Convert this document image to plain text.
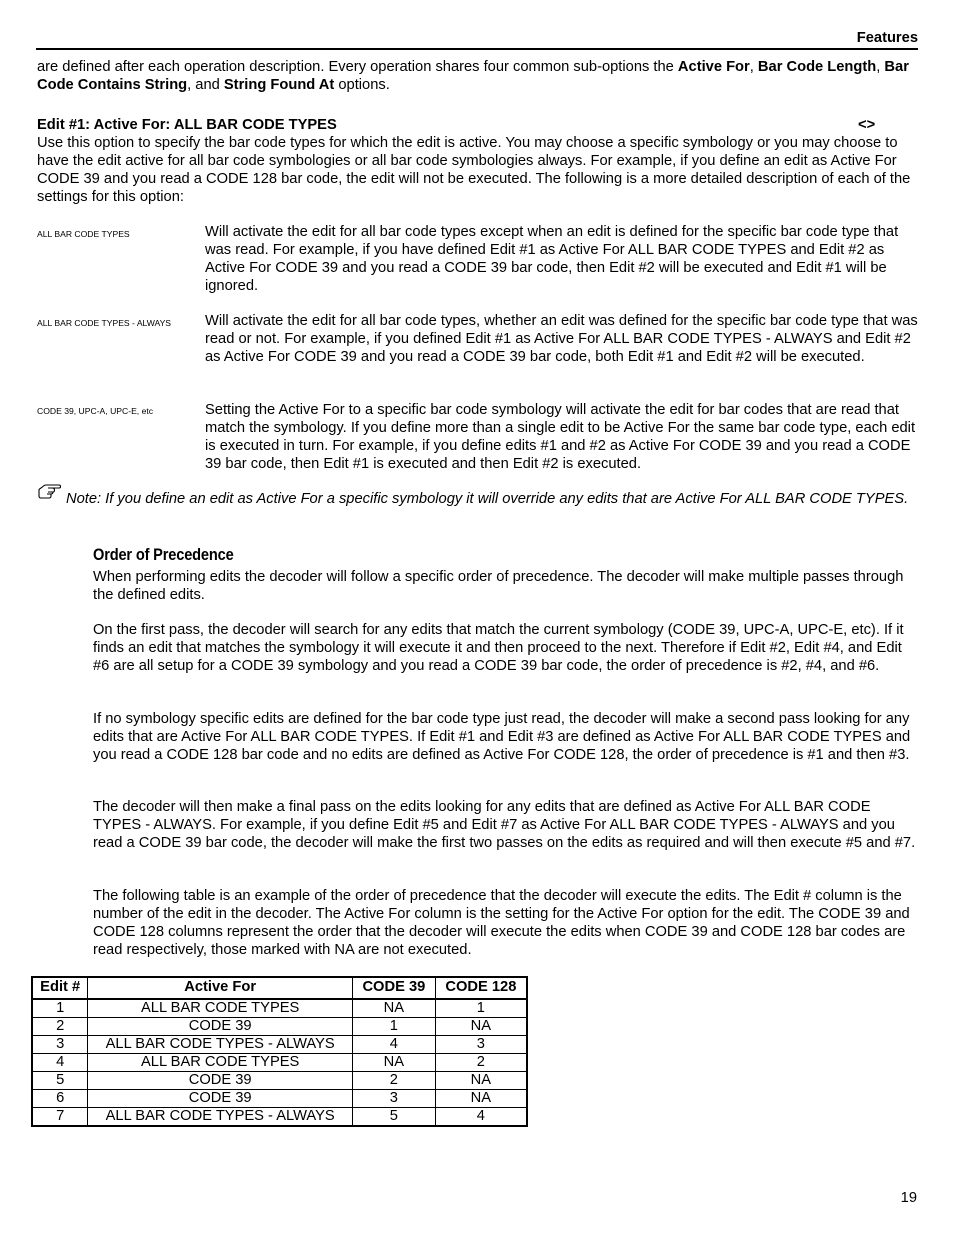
Features

are defined after each operation description. Every operation shares four common sub-options the Active For, Bar Code Length, Bar Code Contains String, and String Found At options.

Edit #1: Active For: ALL BAR CODE TYPES	<>

Use this option to specify the bar code types for which the edit is active. You may choose a specific symbology or you may choose to have the edit active for all bar code symbologies or all bar code symbologies always. For example, if you define an edit as Active For CODE 39 and you read a CODE 128 bar code, the edit will not be executed. The following is a more detailed description of each of the settings for this option:

ALL BAR CODE TYPES	Will activate the edit for all bar code types except when an edit is defined for the specific bar code type that was read. For example, if you have defined Edit #1 as Active For ALL BAR CODE TYPES and Edit #2 as Active For CODE 39 and you read a CODE 39 bar code, then Edit #2 will be executed and Edit #1 will be ignored.
ALL BAR CODE TYPES - ALWAYS	Will activate the edit for all bar code types, whether an edit was defined for the specific bar code type that was read or not. For example, if you defined Edit #1 as Active For ALL BAR CODE TYPES - ALWAYS and Edit #2 as Active For CODE 39 and you read a CODE 39 bar code, both Edit #1 and Edit #2 will be executed.
CODE 39, UPC-A, UPC-E, etc	Setting the Active For to a specific bar code symbology will activate the edit for bar codes that are read that match the symbology. If you define more than a single edit to be Active For the same bar code type, each edit is executed in turn. For example, if you define edits #1 and #2 as Active For CODE 39 and you read a CODE 39 bar code, then Edit #1 is executed and then Edit #2 is executed.
Note: If you define an edit as Active For a specific symbology it will override any edits that are Active For ALL BAR CODE TYPES.
Order of Precedence

When performing edits the decoder will follow a specific order of precedence. The decoder will make multiple passes through the defined edits.

On the first pass, the decoder will search for any edits that match the current symbology (CODE 39, UPC-A, UPC-E, etc). If it finds an edit that matches the symbology it will execute it and then proceed to the next. Therefore if Edit #2, Edit #4, and Edit #6 are all setup for a CODE 39 symbology and you read a CODE 39 bar code, the order of precedence is #2, #4, and #6.

If no symbology specific edits are defined for the bar code type just read, the decoder will make a second pass looking for any edits that are Active For ALL BAR CODE TYPES. If Edit #1 and Edit #3 are defined as Active For ALL BAR CODE TYPES and you read a CODE 128 bar code and no edits are defined as Active For CODE 128, the order of precedence is #1 and then #3.

The decoder will then make a final pass on the edits looking for any edits that are defined as Active For ALL BAR CODE TYPES - ALWAYS. For example, if you define Edit #5 and Edit #7 as Active For ALL BAR CODE TYPES - ALWAYS and you read a CODE 39 bar code, the decoder will make the first two passes on the edits as required and will then execute #5 and #7.

The following table is an example of the order of precedence that the decoder will execute the edits. The Edit # column is the number of the edit in the decoder. The Active For column is the setting for the Active For option for the edit. The CODE 39 and CODE 128 columns represent the order that the decoder will execute the edits when CODE 39 and CODE 128 bar codes are read respectively, those marked with NA are not executed.

Edit #	Active For	CODE 39	CODE 128
1	ALL BAR CODE TYPES	NA	1
2	CODE 39	1	NA
3	ALL BAR CODE TYPES - ALWAYS	4	3
4	ALL BAR CODE TYPES	NA	2
5	CODE 39	2	NA
6	CODE 39	3	NA
7	ALL BAR CODE TYPES - ALWAYS	5	4
19
